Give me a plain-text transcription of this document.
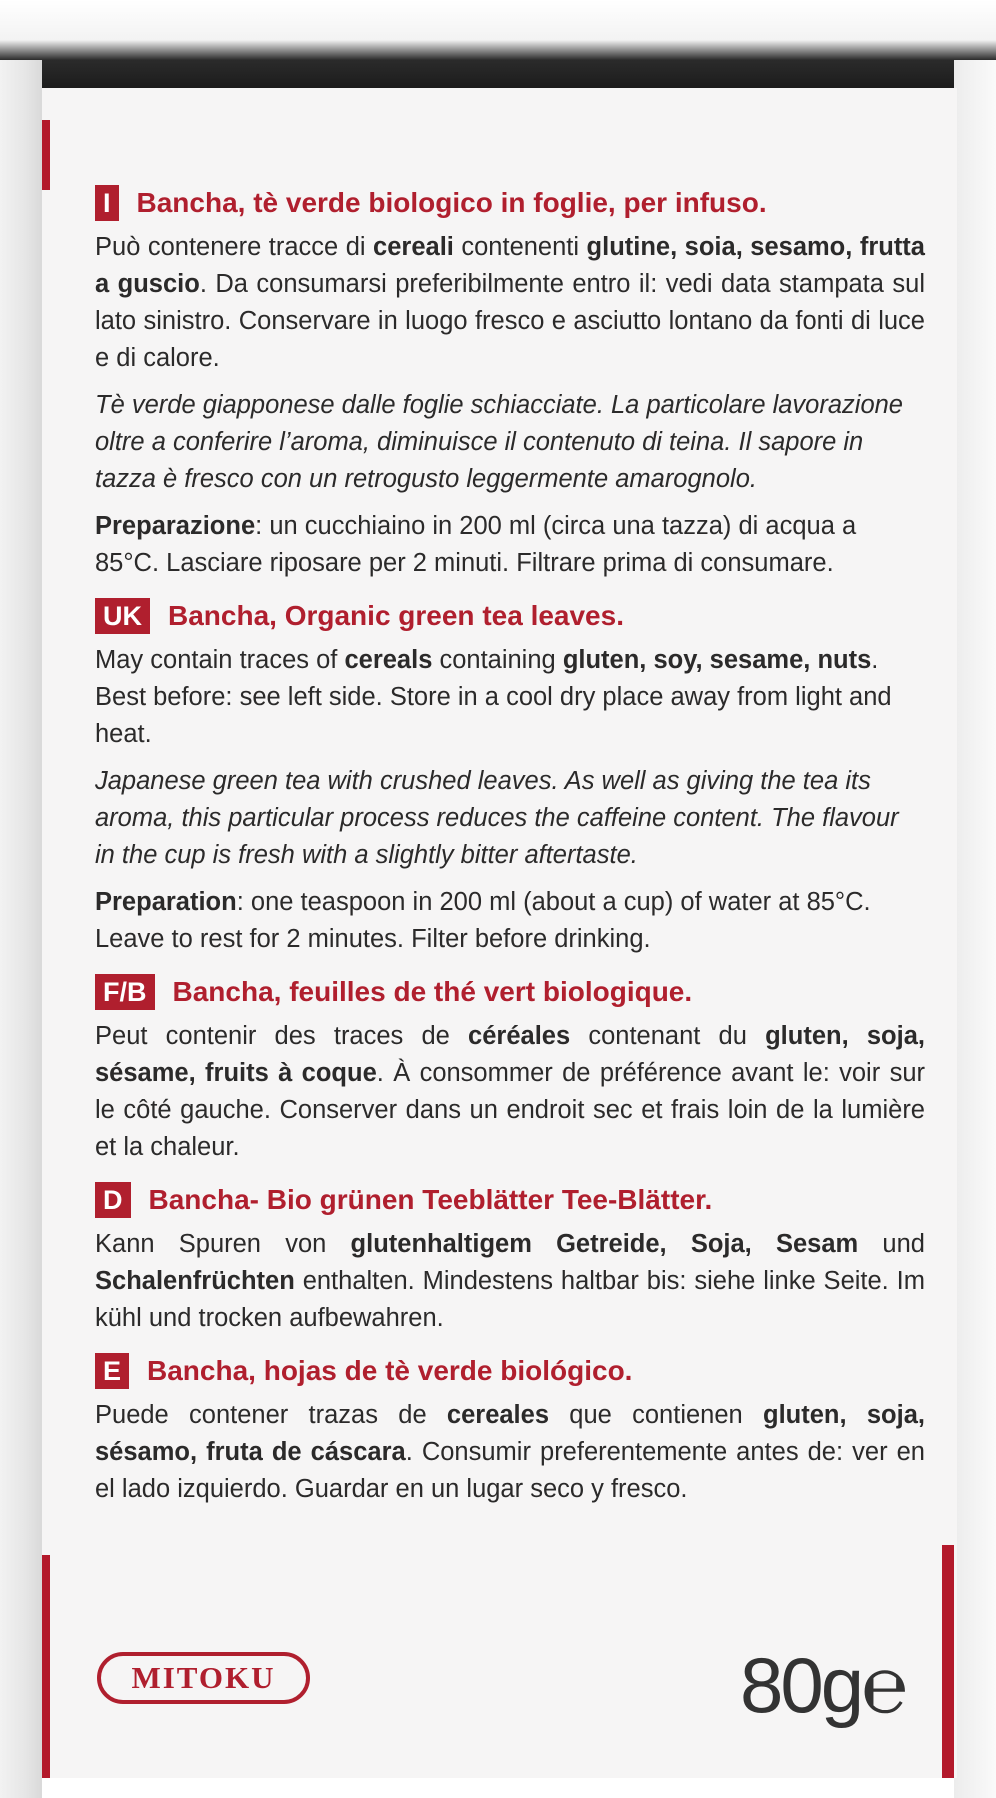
I Bancha, tè verde biologico in foglie, per infuso.

Può contenere tracce di cereali contenenti glutine, soia, sesamo, frutta a guscio. Da consumarsi preferibilmente entro il: vedi data stampata sul lato sinistro. Conservare in luogo fresco e asciutto lontano da fonti di luce e di calore.

Tè verde giapponese dalle foglie schiacciate. La particolare lavorazione oltre a conferire l’aroma, diminuisce il contenuto di teina. Il sapore in tazza è fresco con un retrogusto leggermente amarognolo.

Preparazione: un cucchiaino in 200 ml (circa una tazza) di acqua a 85°C. Lasciare riposare per 2 minuti. Filtrare prima di consumare.

UK Bancha, Organic green tea leaves.

May contain traces of cereals containing gluten, soy, sesame, nuts. Best before: see left side. Store in a cool dry place away from light and heat.

Japanese green tea with crushed leaves. As well as giving the tea its aroma, this particular process reduces the caffeine content. The flavour in the cup is fresh with a slightly bitter aftertaste.

Preparation: one teaspoon in 200 ml (about a cup) of water at 85°C. Leave to rest for 2 minutes. Filter before drinking.

F/B Bancha, feuilles de thé vert biologique.

Peut contenir des traces de céréales contenant du gluten, soja, sésame, fruits à coque. À consommer de préférence avant le: voir sur le côté gauche. Conserver dans un endroit sec et frais loin de la lumière et la chaleur.

D Bancha- Bio grünen Teeblätter Tee-Blätter.

Kann Spuren von glutenhaltigem Getreide, Soja, Sesam und Schalenfrüchten enthalten. Mindestens haltbar bis: siehe linke Seite. Im kühl und trocken aufbewahren.

E Bancha, hojas de tè verde biológico.

Puede contener trazas de cereales que contienen gluten, soja, sésamo, fruta de cáscara. Consumir preferentemente antes de: ver en el lado izquierdo. Guardar en un lugar seco y fresco.

MITOKU	80g℮
